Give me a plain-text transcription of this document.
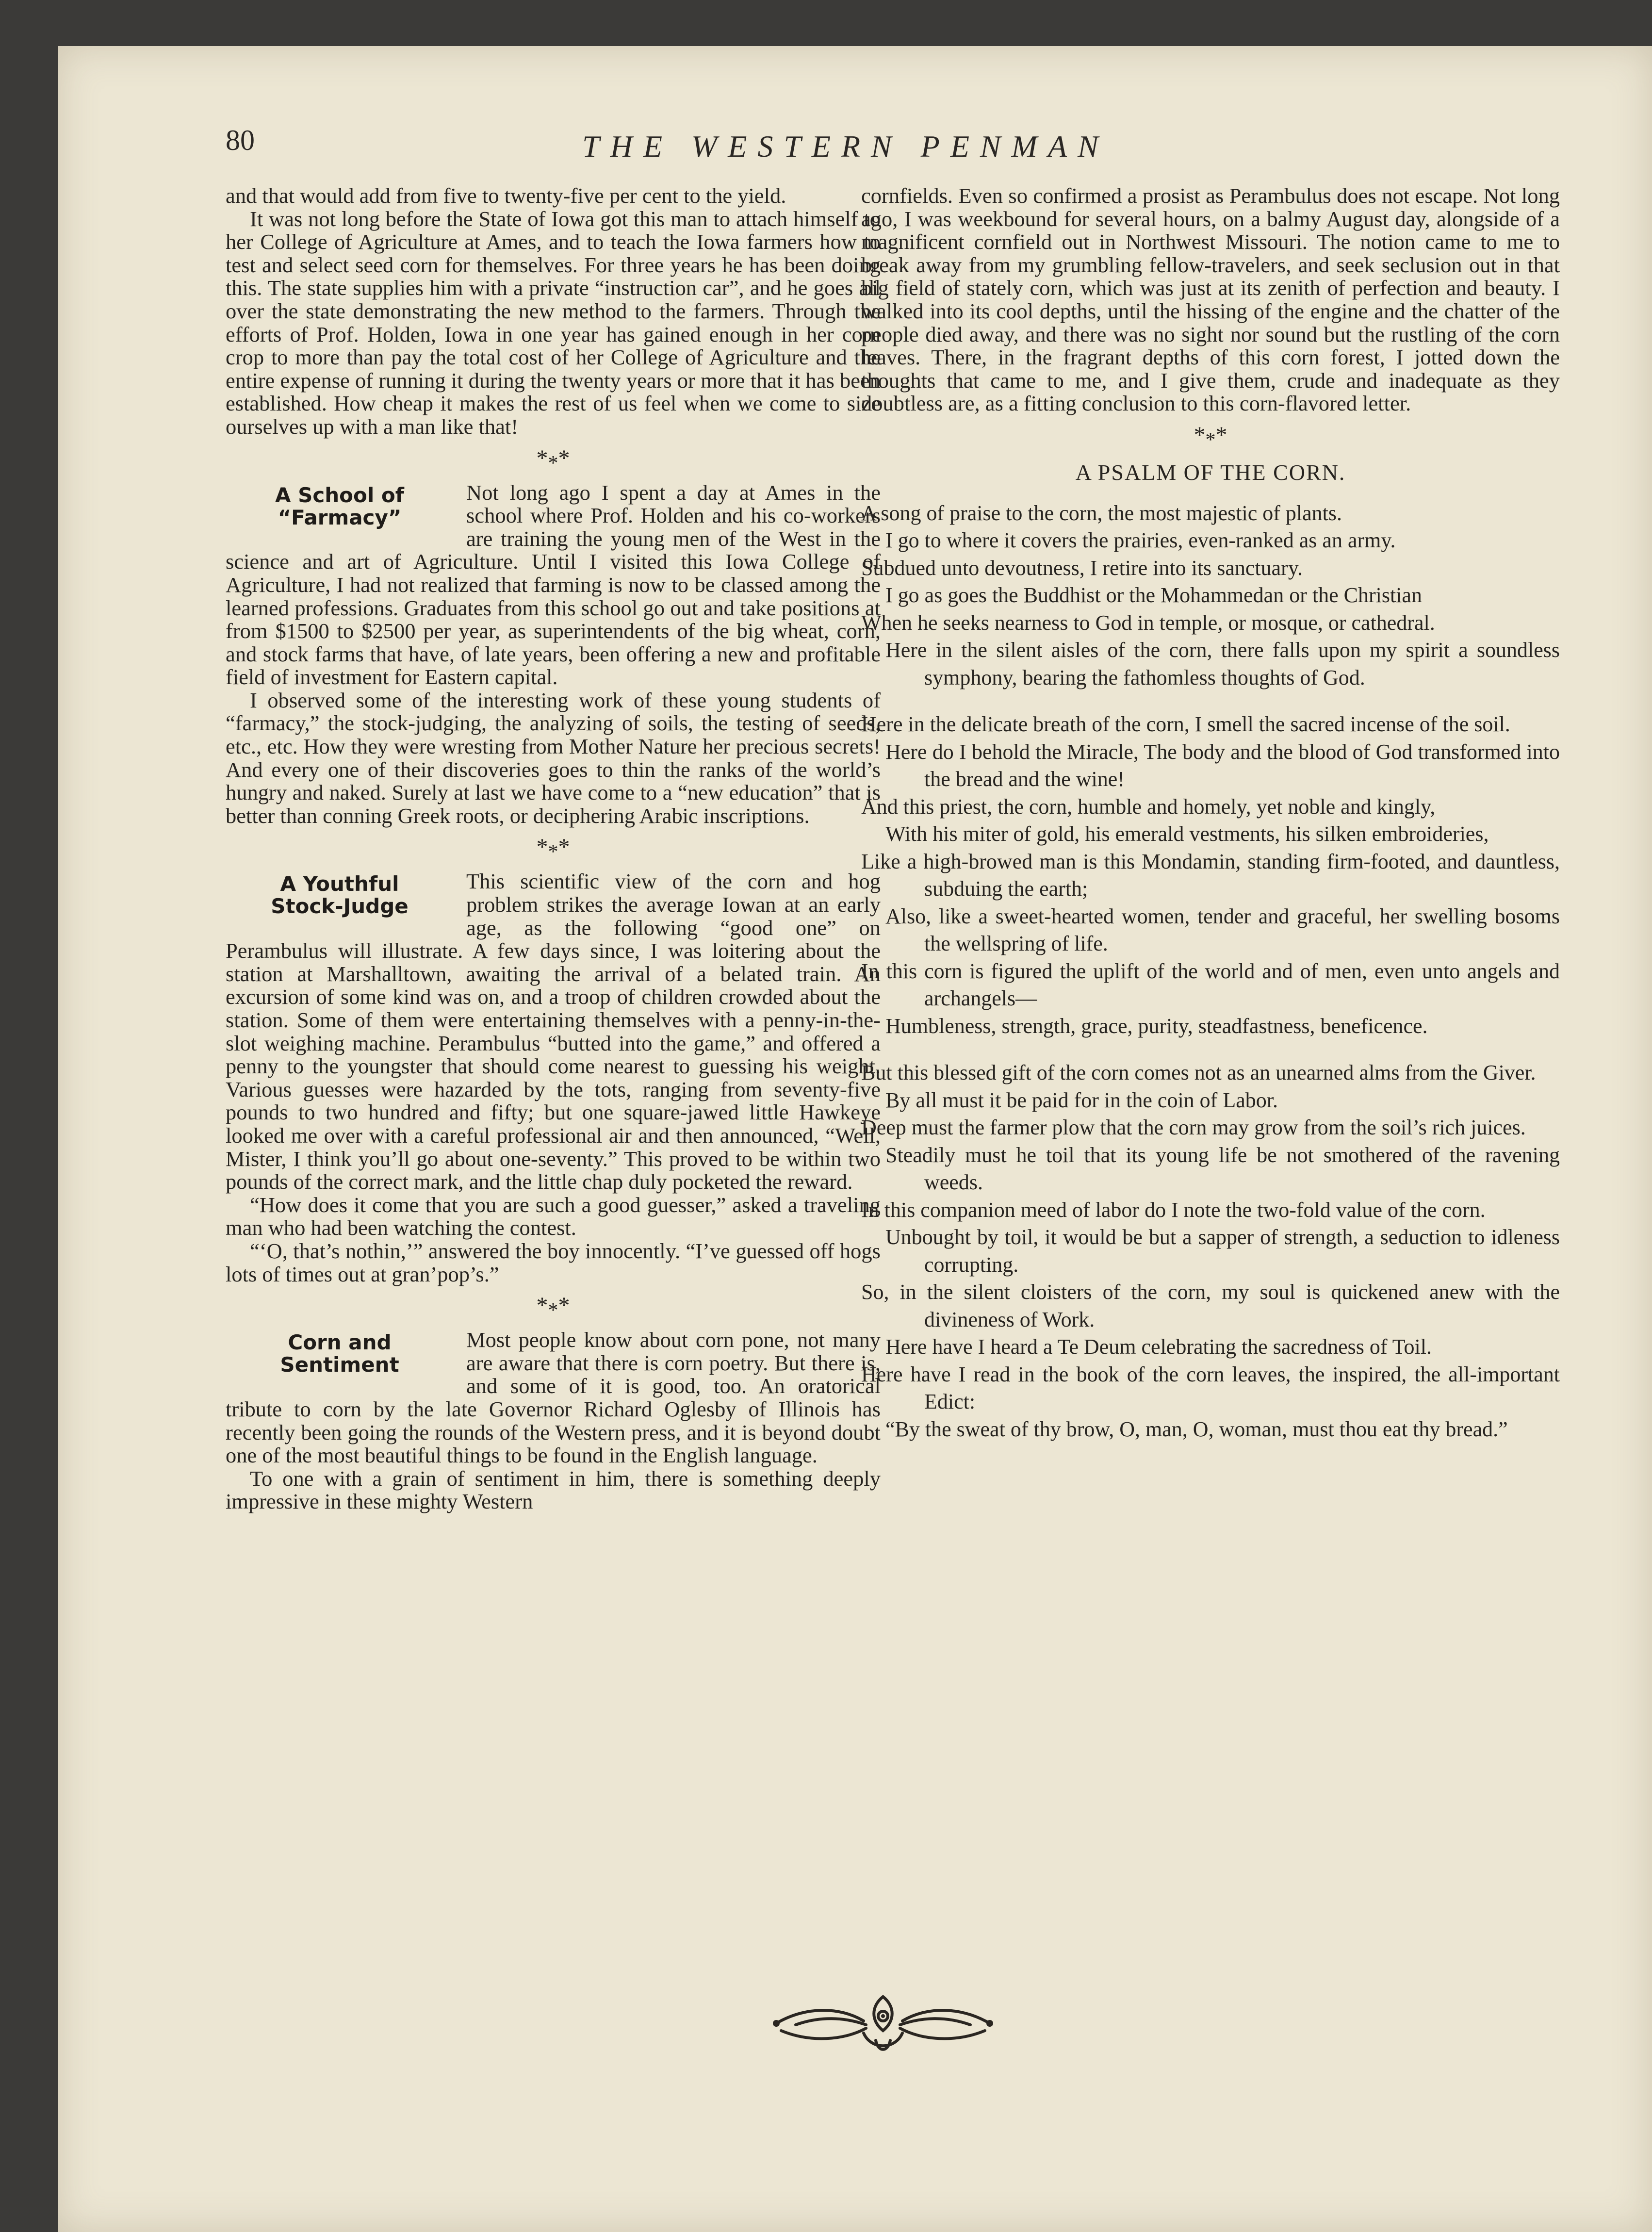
80	THE WESTERN PENMAN

and that would add from five to twenty-five per cent to the yield.

It was not long before the State of Iowa got this man to attach himself to her College of Agriculture at Ames, and to teach the Iowa farmers how to test and select seed corn for themselves. For three years he has been doing this. The state supplies him with a private “instruction car”, and he goes all over the state demonstrating the new method to the farmers. Through the efforts of Prof. Holden, Iowa in one year has gained enough in her corn crop to more than pay the total cost of her College of Agriculture and the entire expense of running it during the twenty years or more that it has been established. How cheap it makes the rest of us feel when we come to size ourselves up with a man like that!

$*_**$
A School of
“Farmacy”

Not long ago I spent a day at Ames in the school where Prof. Holden and his co-workers are training the young men of the West in the science and art of Agriculture. Until I visited this Iowa College of Agriculture, I had not realized that farming is now to be classed among the learned professions. Graduates from this school go out and take positions at from $1500 to $2500 per year, as superintendents of the big wheat, corn, and stock farms that have, of late years, been offering a new and profitable field of investment for Eastern capital.

I observed some of the interesting work of these young students of “farmacy,” the stock-judging, the analyzing of soils, the testing of seeds, etc., etc. How they were wresting from Mother Nature her precious secrets! And every one of their discoveries goes to thin the ranks of the world’s hungry and naked. Surely at last we have come to a “new education” that is better than conning Greek roots, or deciphering Arabic inscriptions.

$*_**$
A Youthful
Stock-Judge

This scientific view of the corn and hog problem strikes the average Iowan at an early age, as the following “good one” on Perambulus will illustrate. A few days since, I was loitering about the station at Marshalltown, awaiting the arrival of a belated train. An excursion of some kind was on, and a troop of children crowded about the station. Some of them were entertaining themselves with a penny-in-the-slot weighing machine. Perambulus “butted into the game,” and offered a penny to the youngster that should come nearest to guessing his weight. Various guesses were hazarded by the tots, ranging from seventy-five pounds to two hundred and fifty; but one square-jawed little Hawkeye looked me over with a careful professional air and then announced, “Well, Mister, I think you’ll go about one-seventy.” This proved to be within two pounds of the correct mark, and the little chap duly pocketed the reward.

“How does it come that you are such a good guesser,” asked a traveling man who had been watching the contest.

“‘O, that’s nothin,’” answered the boy innocently. “I’ve guessed off hogs lots of times out at gran’pop’s.”

$*_**$
Corn and
Sentiment

Most people know about corn pone, not many are aware that there is corn poetry. But there is, and some of it is good, too. An oratorical tribute to corn by the late Governor Richard Oglesby of Illinois has recently been going the rounds of the Western press, and it is beyond doubt one of the most beautiful things to be found in the English language.

To one with a grain of sentiment in him, there is something deeply impressive in these mighty Western

cornfields. Even so confirmed a prosist as Perambulus does not escape. Not long ago, I was weekbound for several hours, on a balmy August day, alongside of a magnificent cornfield out in Northwest Missouri. The notion came to me to break away from my grumbling fellow-travelers, and seek seclusion out in that big field of stately corn, which was just at its zenith of perfection and beauty. I walked into its cool depths, until the hissing of the engine and the chatter of the people died away, and there was no sight nor sound but the rustling of the corn leaves. There, in the fragrant depths of this corn forest, I jotted down the thoughts that came to me, and I give them, crude and inadequate as they doubtless are, as a fitting conclusion to this corn-flavored letter.

$*_**$
A PSALM OF THE CORN.

A song of praise to the corn, the most majestic of plants.

I go to where it covers the prairies, even-ranked as an army.

Subdued unto devoutness, I retire into its sanctuary.

I go as goes the Buddhist or the Mohammedan or the Christian

When he seeks nearness to God in temple, or mosque, or cathedral.

Here in the silent aisles of the corn, there falls upon my spirit a soundless symphony, bearing the fathomless thoughts of God.

Here in the delicate breath of the corn, I smell the sacred incense of the soil.

Here do I behold the Miracle, The body and the blood of God transformed into the bread and the wine!

And this priest, the corn, humble and homely, yet noble and kingly,

With his miter of gold, his emerald vestments, his silken embroideries,

Like a high-browed man is this Mondamin, standing firm-footed, and dauntless, subduing the earth;

Also, like a sweet-hearted women, tender and graceful, her swelling bosoms the wellspring of life.

In this corn is figured the uplift of the world and of men, even unto angels and archangels—

Humbleness, strength, grace, purity, steadfastness, beneficence.

But this blessed gift of the corn comes not as an unearned alms from the Giver.

By all must it be paid for in the coin of Labor.

Deep must the farmer plow that the corn may grow from the soil’s rich juices.

Steadily must he toil that its young life be not smothered of the ravening weeds.

In this companion meed of labor do I note the two-fold value of the corn.

Unbought by toil, it would be but a sapper of strength, a seduction to idleness corrupting.

So, in the silent cloisters of the corn, my soul is quickened anew with the divineness of Work.

Here have I heard a Te Deum celebrating the sacredness of Toil.

Here have I read in the book of the corn leaves, the inspired, the all-important Edict:

“By the sweat of thy brow, O, man, O, woman, must thou eat thy bread.”
